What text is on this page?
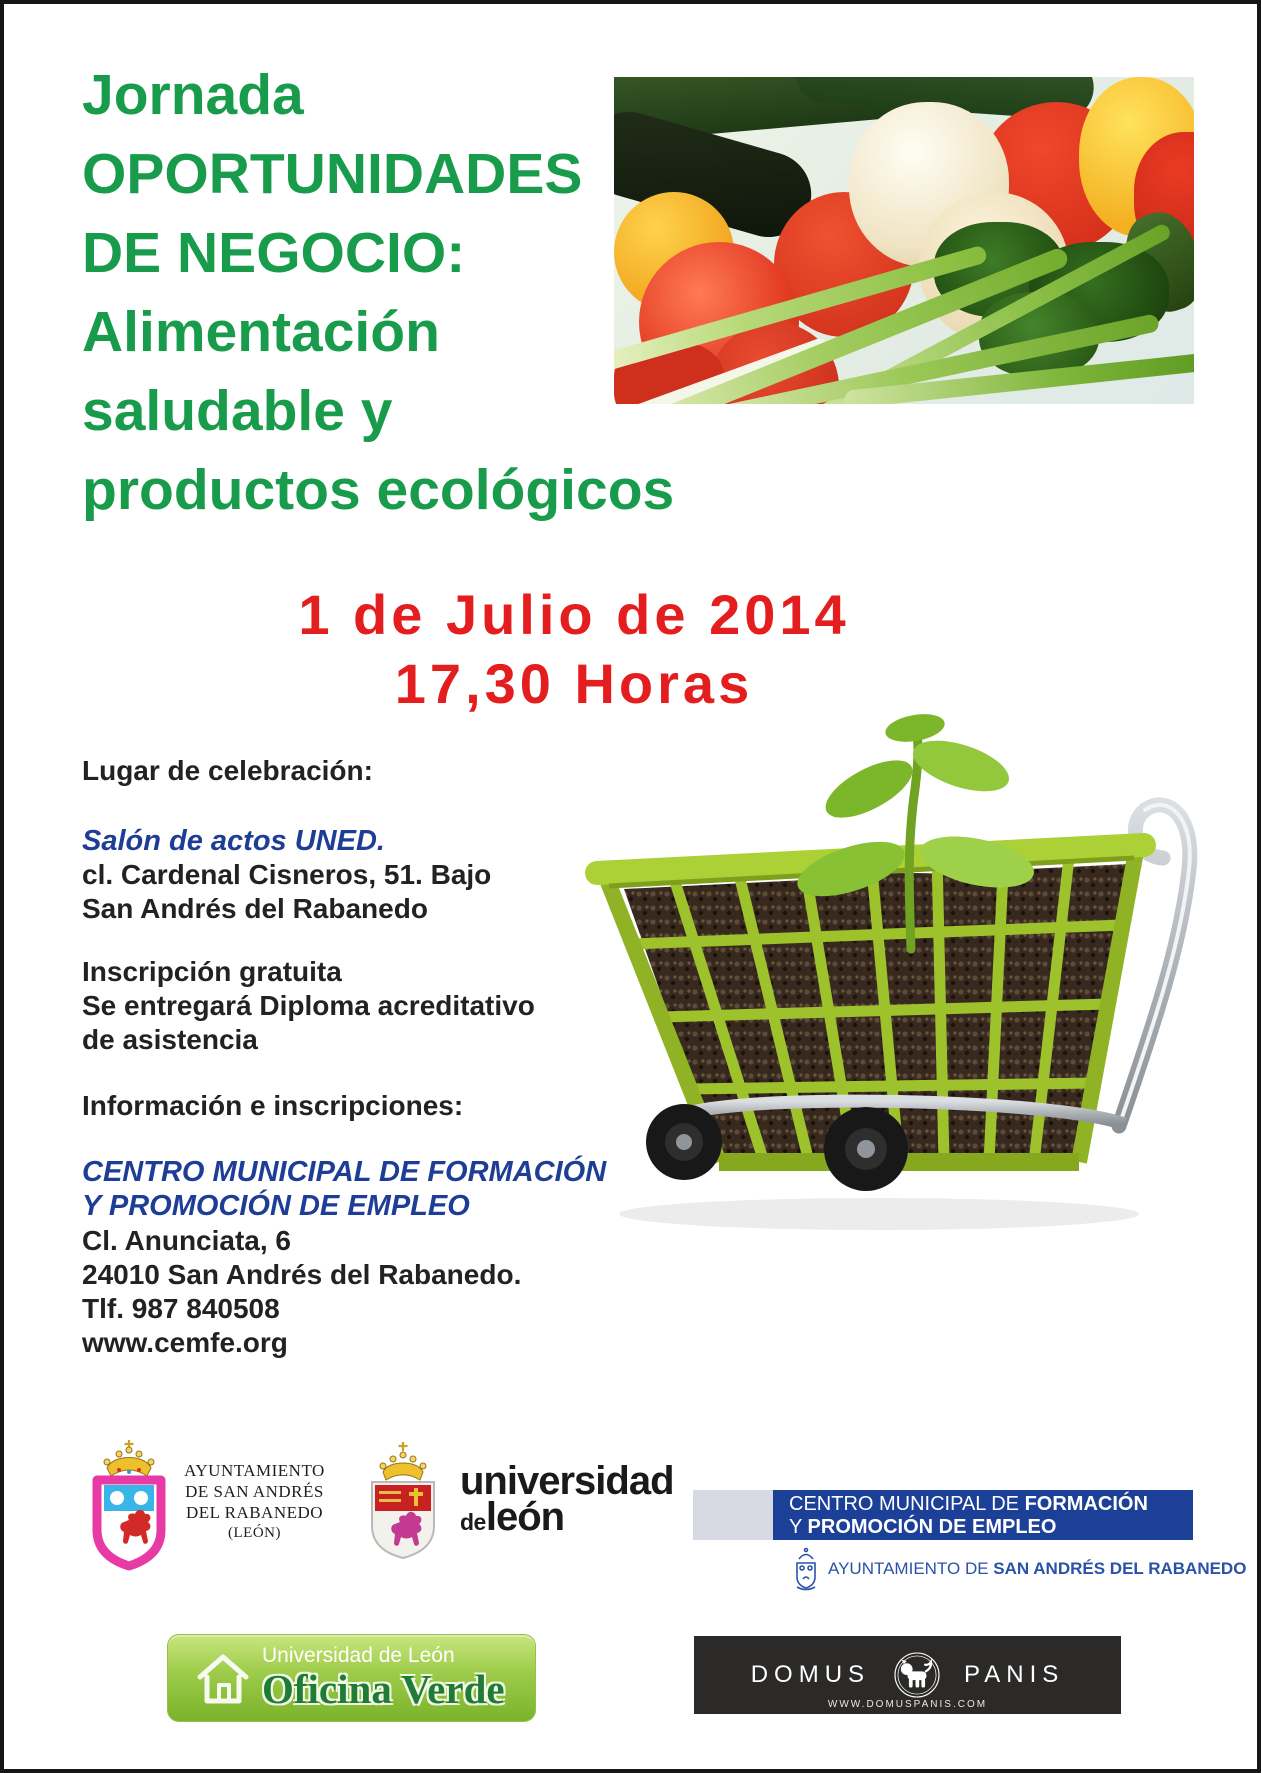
Jornada
OPORTUNIDADES
DE NEGOCIO:
Alimentación
saludable y
productos ecológicos
1 de Julio de 2014
17,30 Horas
Lugar de celebración:
Salón de actos UNED.
cl. Cardenal Cisneros, 51. Bajo
San Andrés del Rabanedo
Inscripción gratuita
Se entregará Diploma acreditativo
de asistencia
Información e inscripciones:
CENTRO MUNICIPAL DE FORMACIÓN
Y PROMOCIÓN DE EMPLEO
Cl. Anunciata, 6
24010 San Andrés del Rabanedo.
Tlf. 987 840508
www.cemfe.org
AYUNTAMIENTO
DE SAN ANDRÉS
DEL RABANEDO
(LEÓN)
universidad
deleón	CENTRO MUNICIPAL DE FORMACIÓN
Y PROMOCIÓN DE EMPLEO
AYUNTAMIENTO DE SAN ANDRÉS DEL RABANEDO
Universidad de León
Oficina Verde	DOMUS	PANIS
WWW.DOMUSPANIS.COM
